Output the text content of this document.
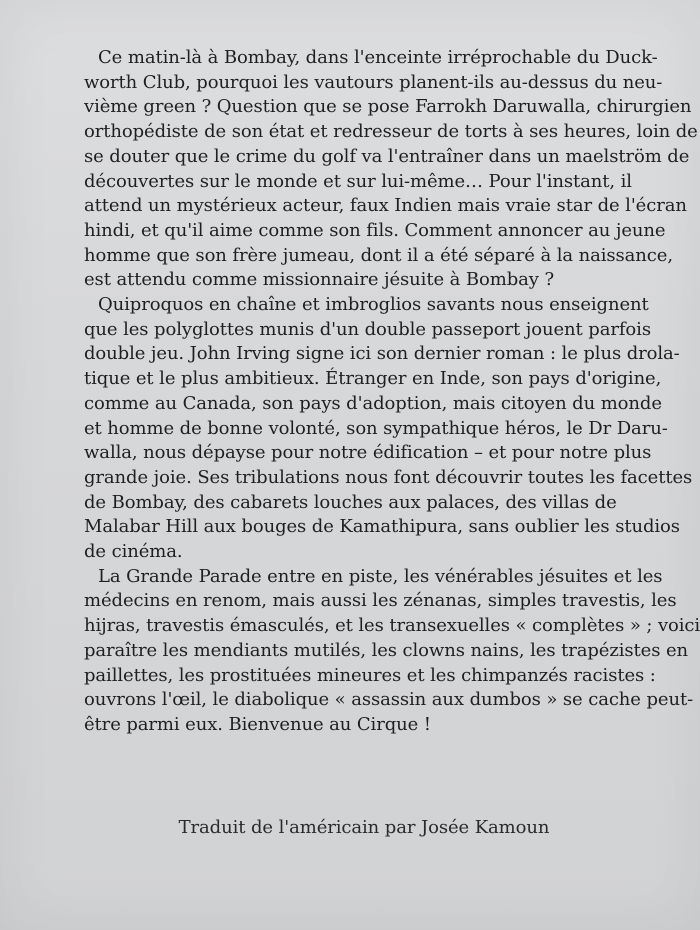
Ce matin-là à Bombay, dans l'enceinte irréprochable du Duck-
worth Club, pourquoi les vautours planent-ils au-dessus du neu-
vième green ? Question que se pose Farrokh Daruwalla, chirurgien
orthopédiste de son état et redresseur de torts à ses heures, loin de
se douter que le crime du golf va l'entraîner dans un maelström de
découvertes sur le monde et sur lui-même… Pour l'instant, il
attend un mystérieux acteur, faux Indien mais vraie star de l'écran
hindi, et qu'il aime comme son fils. Comment annoncer au jeune
homme que son frère jumeau, dont il a été séparé à la naissance,
est attendu comme missionnaire jésuite à Bombay ?
Quiproquos en chaîne et imbroglios savants nous enseignent
que les polyglottes munis d'un double passeport jouent parfois
double jeu. John Irving signe ici son dernier roman : le plus drola-
tique et le plus ambitieux. Étranger en Inde, son pays d'origine,
comme au Canada, son pays d'adoption, mais citoyen du monde
et homme de bonne volonté, son sympathique héros, le Dr Daru-
walla, nous dépayse pour notre édification – et pour notre plus
grande joie. Ses tribulations nous font découvrir toutes les facettes
de Bombay, des cabarets louches aux palaces, des villas de
Malabar Hill aux bouges de Kamathipura, sans oublier les studios
de cinéma.
La Grande Parade entre en piste, les vénérables jésuites et les
médecins en renom, mais aussi les zénanas, simples travestis, les
hijras, travestis émasculés, et les transexuelles « complètes » ; voici
paraître les mendiants mutilés, les clowns nains, les trapézistes en
paillettes, les prostituées mineures et les chimpanzés racistes :
ouvrons l'œil, le diabolique « assassin aux dumbos » se cache peut-
être parmi eux. Bienvenue au Cirque !
Traduit de l'américain par Josée Kamoun
